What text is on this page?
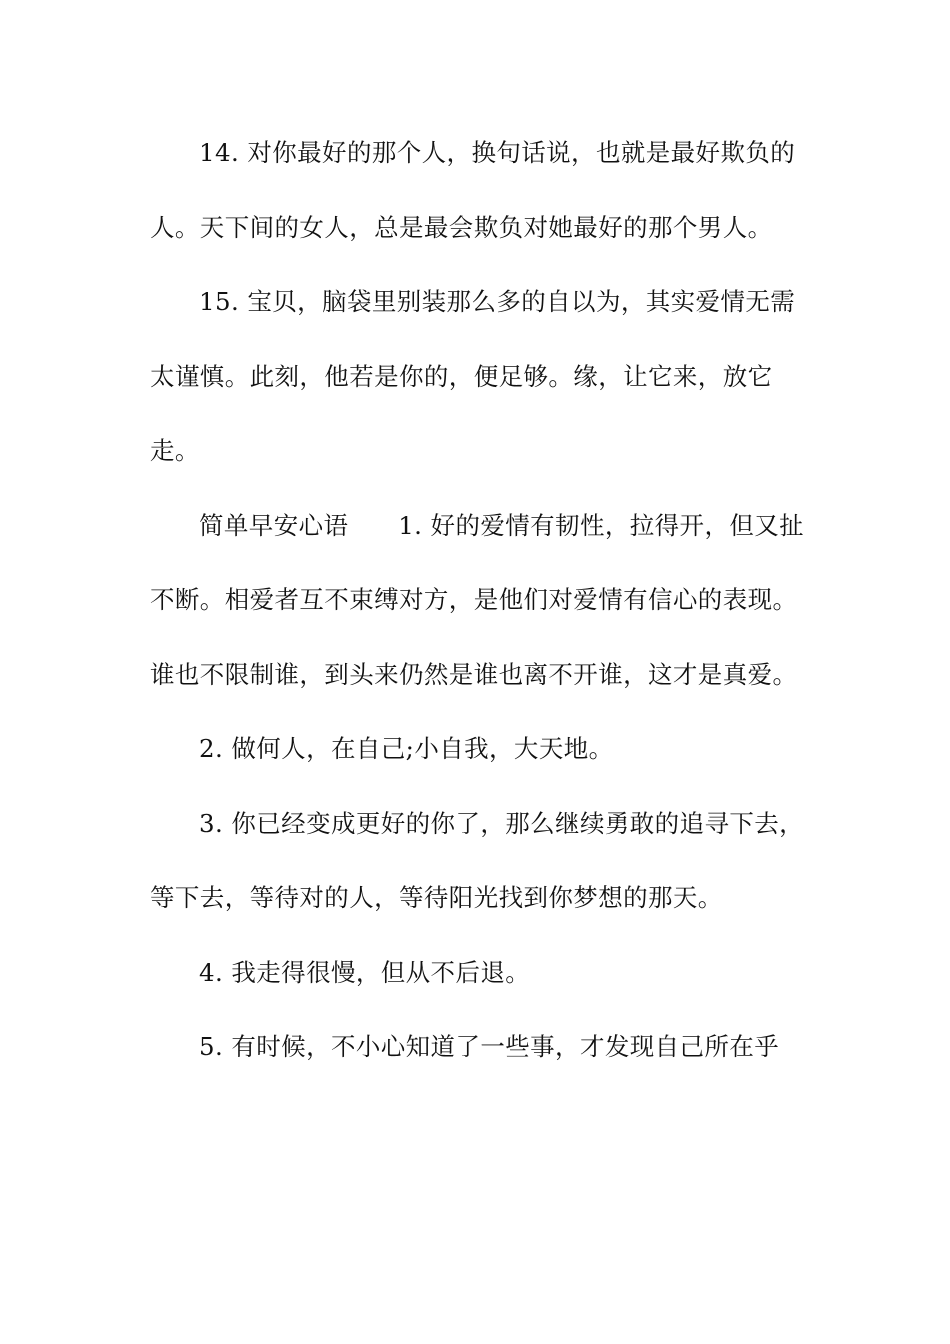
14. 对你最好的那个人，换句话说，也就是最好欺负的人。天下间的女人，总是最会欺负对她最好的那个男人。

15. 宝贝，脑袋里别装那么多的自以为，其实爱情无需太谨慎。此刻，他若是你的，便足够。缘，让它来，放它走。

简单早安心语　　1. 好的爱情有韧性，拉得开，但又扯不断。相爱者互不束缚对方，是他们对爱情有信心的表现。谁也不限制谁，到头来仍然是谁也离不开谁，这才是真爱。

2. 做何人，在自己;小自我，大天地。

3. 你已经变成更好的你了，那么继续勇敢的追寻下去，等下去，等待对的人，等待阳光找到你梦想的那天。

4. 我走得很慢，但从不后退。

5. 有时候，不小心知道了一些事，才发现自己所在乎
